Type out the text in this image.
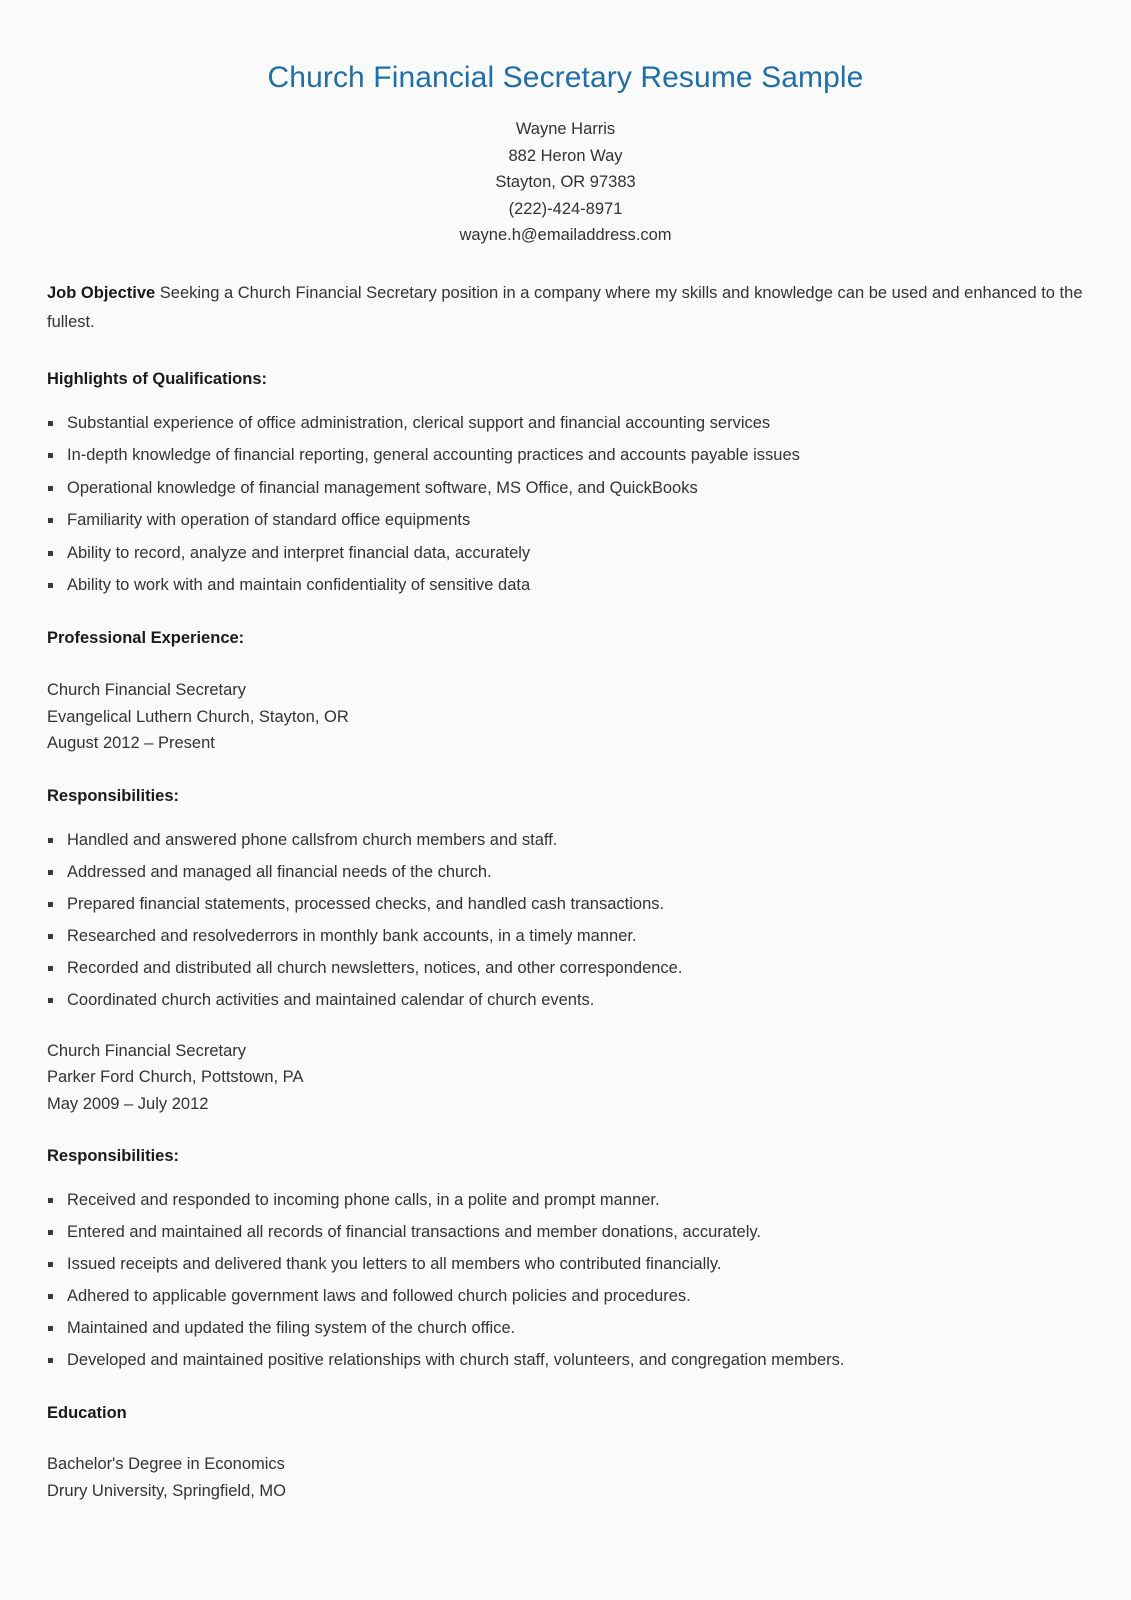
Church Financial Secretary Resume Sample
Wayne Harris
882 Heron Way
Stayton, OR 97383
(222)-424-8971
wayne.h@emailaddress.com

Job Objective Seeking a Church Financial Secretary position in a company where my skills and knowledge can be used and enhanced to the fullest.

Highlights of Qualifications:
Substantial experience of office administration, clerical support and financial accounting services
In-depth knowledge of financial reporting, general accounting practices and accounts payable issues
Operational knowledge of financial management software, MS Office, and QuickBooks
Familiarity with operation of standard office equipments
Ability to record, analyze and interpret financial data, accurately
Ability to work with and maintain confidentiality of sensitive data
Professional Experience:
Church Financial Secretary
Evangelical Luthern Church, Stayton, OR
August 2012 – Present
Responsibilities:
Handled and answered phone callsfrom church members and staff.
Addressed and managed all financial needs of the church.
Prepared financial statements, processed checks, and handled cash transactions.
Researched and resolvederrors in monthly bank accounts, in a timely manner.
Recorded and distributed all church newsletters, notices, and other correspondence.
Coordinated church activities and maintained calendar of church events.
Church Financial Secretary
Parker Ford Church, Pottstown, PA
May 2009 – July 2012
Responsibilities:
Received and responded to incoming phone calls, in a polite and prompt manner.
Entered and maintained all records of financial transactions and member donations, accurately.
Issued receipts and delivered thank you letters to all members who contributed financially.
Adhered to applicable government laws and followed church policies and procedures.
Maintained and updated the filing system of the church office.
Developed and maintained positive relationships with church staff, volunteers, and congregation members.
Education
Bachelor's Degree in Economics
Drury University, Springfield, MO
